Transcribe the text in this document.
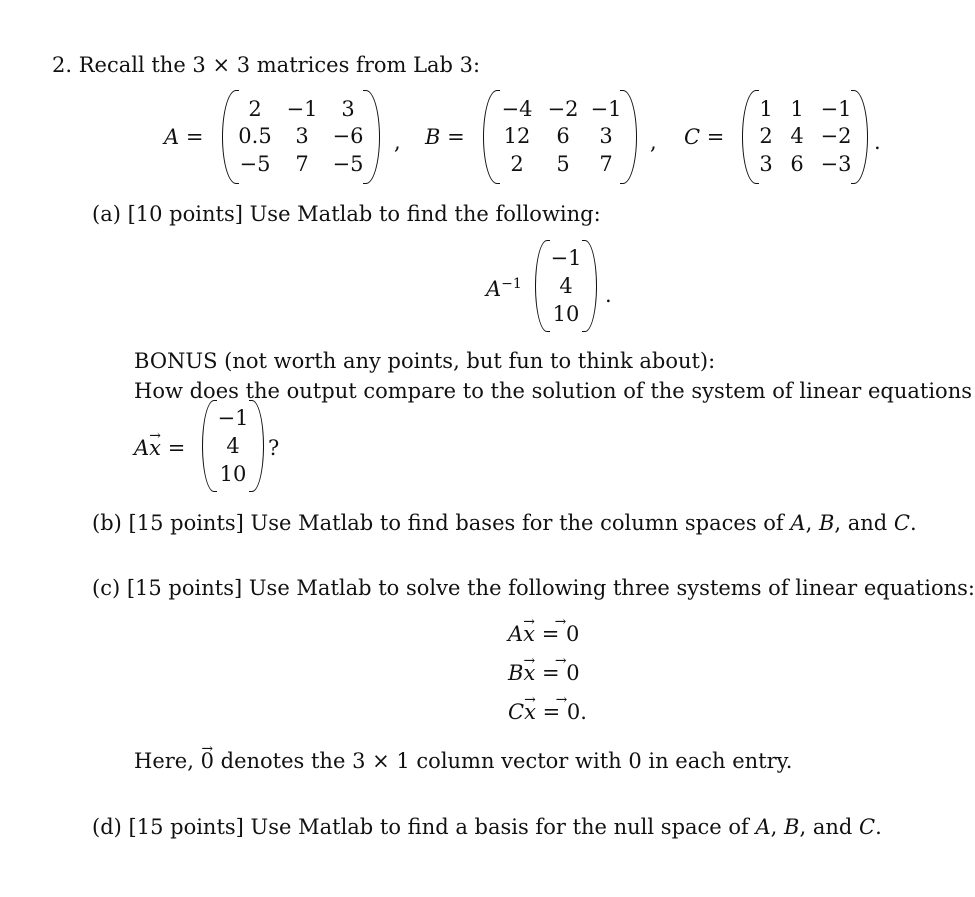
2. Recall the 3 × 3 matrices from Lab 3:
A =
2	−1	3
0.5	3	−6
−5	7	−5
, B =
−4 −2 −1
12	6	3
2	5	7
, C =
1 1 −1
2 4 −2
3 6 −3
.
(a) [10 points] Use Matlab to find the following:
$A^{-1}$
−1
4
10
.
BONUS (not worth any points, but fun to think about):
How does the output compare to the solution of the system of linear equations
A→ x =
−1
4
10
?
(b) [15 points] Use Matlab to find bases for the column spaces of A, B, and C.
(c) [15 points] Use Matlab to solve the following three systems of linear equations:
A→ x → = 0
B→ x → = 0
C→ x → = 0.
Here, → 0 denotes the 3 × 1 column vector with 0 in each entry.
(d) [15 points] Use Matlab to find a basis for the null space of A, B, and C.
